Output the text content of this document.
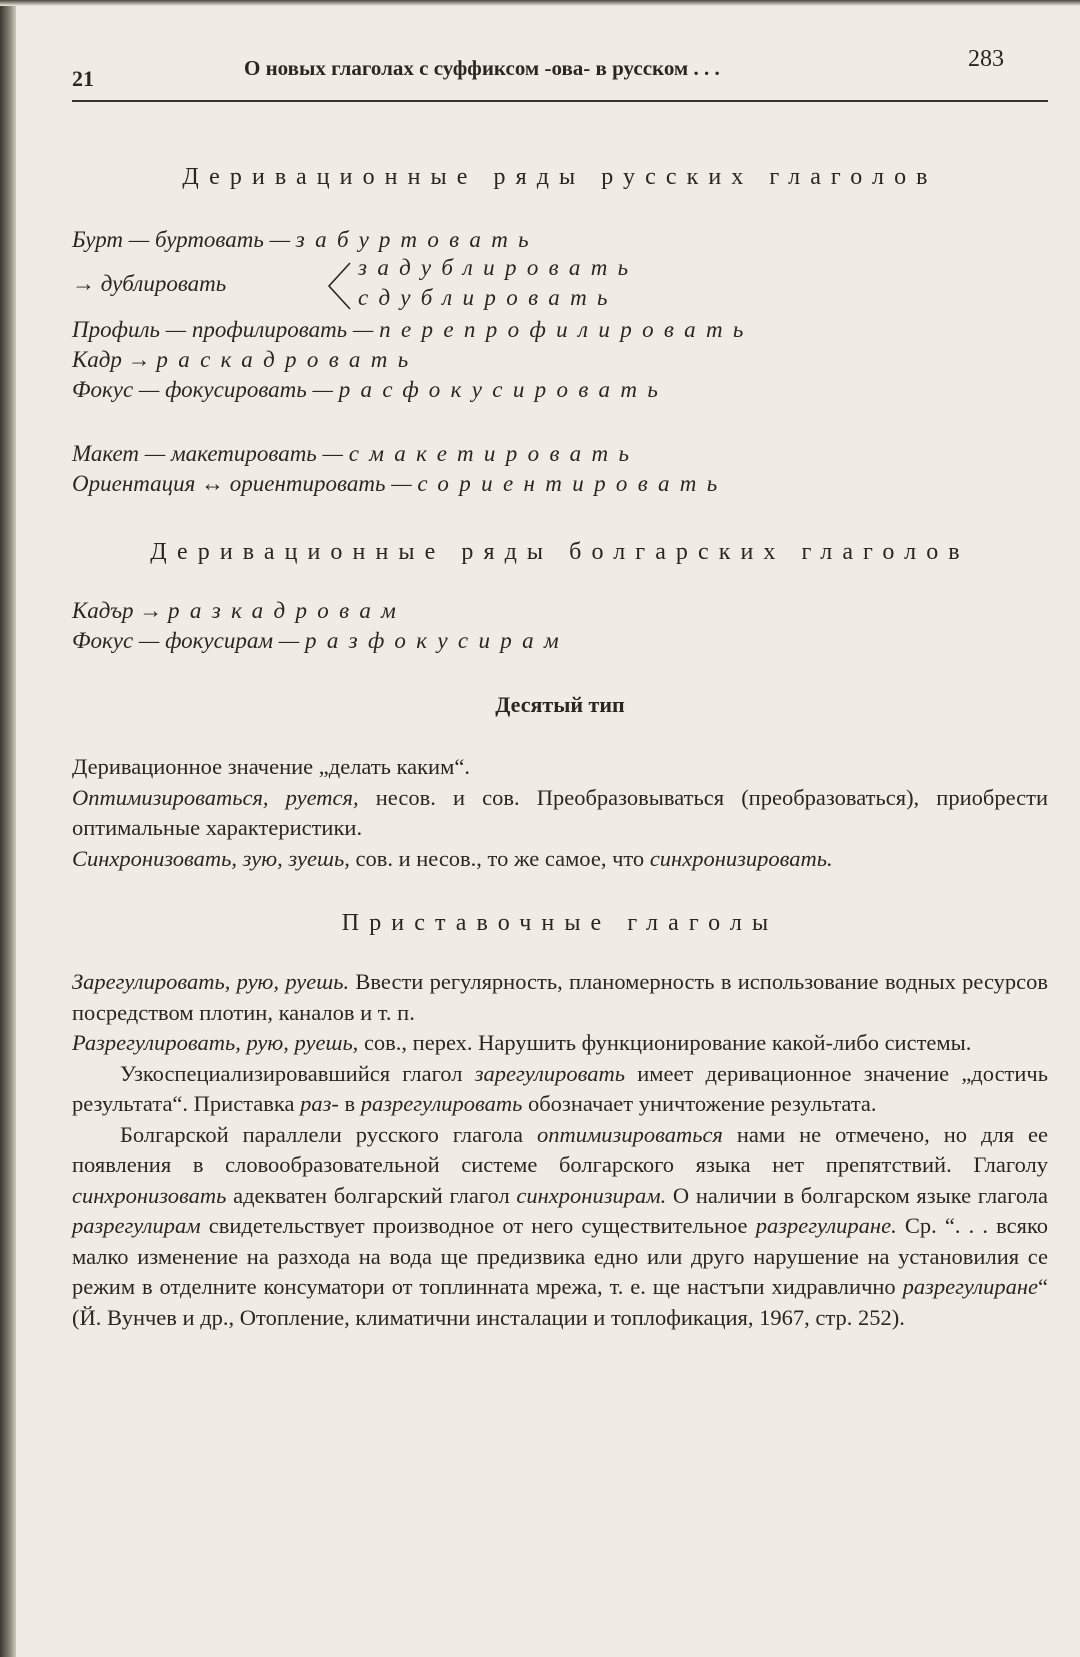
21	О новых глаголах с суффиксом -ова- в русском . . .	283

Деривационные ряды русских глаголов

Бурт — буртовать — забуртовать

→ дублировать
задублировать
сдублировать

Профиль — профилировать — перепрофилировать

Кадр → раскадровать

Фокус — фокусировать — расфокусировать

Макет — макетировать — смакетировать

Ориентация ↔ ориентировать — сориентировать

Деривационные ряды болгарских глаголов

Кадър → разкадровам

Фокус — фокусирам — разфокусирам

Десятый тип

Деривационное значение „делать каким“.

Оптимизироваться, руется, несов. и сов. Преобразовываться (преобразоваться), приобрести оптимальные характеристики.

Синхронизовать, зую, зуешь, сов. и несов., то же самое, что синхронизировать.

Приставочные глаголы

Зарегулировать, рую, руешь. Ввести регулярность, планомерность в использование водных ресурсов посредством плотин, каналов и т. п.

Разрегулировать, рую, руешь, сов., перех. Нарушить функционирование какой-либо системы.

Узкоспециализировавшийся глагол зарегулировать имеет деривационное значение „достичь результата“. Приставка раз- в разрегулировать обозначает уничтожение результата.

Болгарской параллели русского глагола оптимизироваться нами не отмечено, но для ее появления в словообразовательной системе болгарского языка нет препятствий. Глаголу синхронизовать адекватен болгарский глагол синхронизирам. О наличии в болгарском языке глагола разрегулирам свидетельствует производное от него существительное разрегулиране. Ср. “. . . всяко малко изменение на разхода на вода ще предизвика едно или друго нарушение на установилия се режим в отделните консуматори от топлинната мрежа, т. е. ще настъпи хидравлично разрегулиране“ (Й. Вунчев и др., Отопление, климатични инсталации и топлофикация, 1967, стр. 252).
